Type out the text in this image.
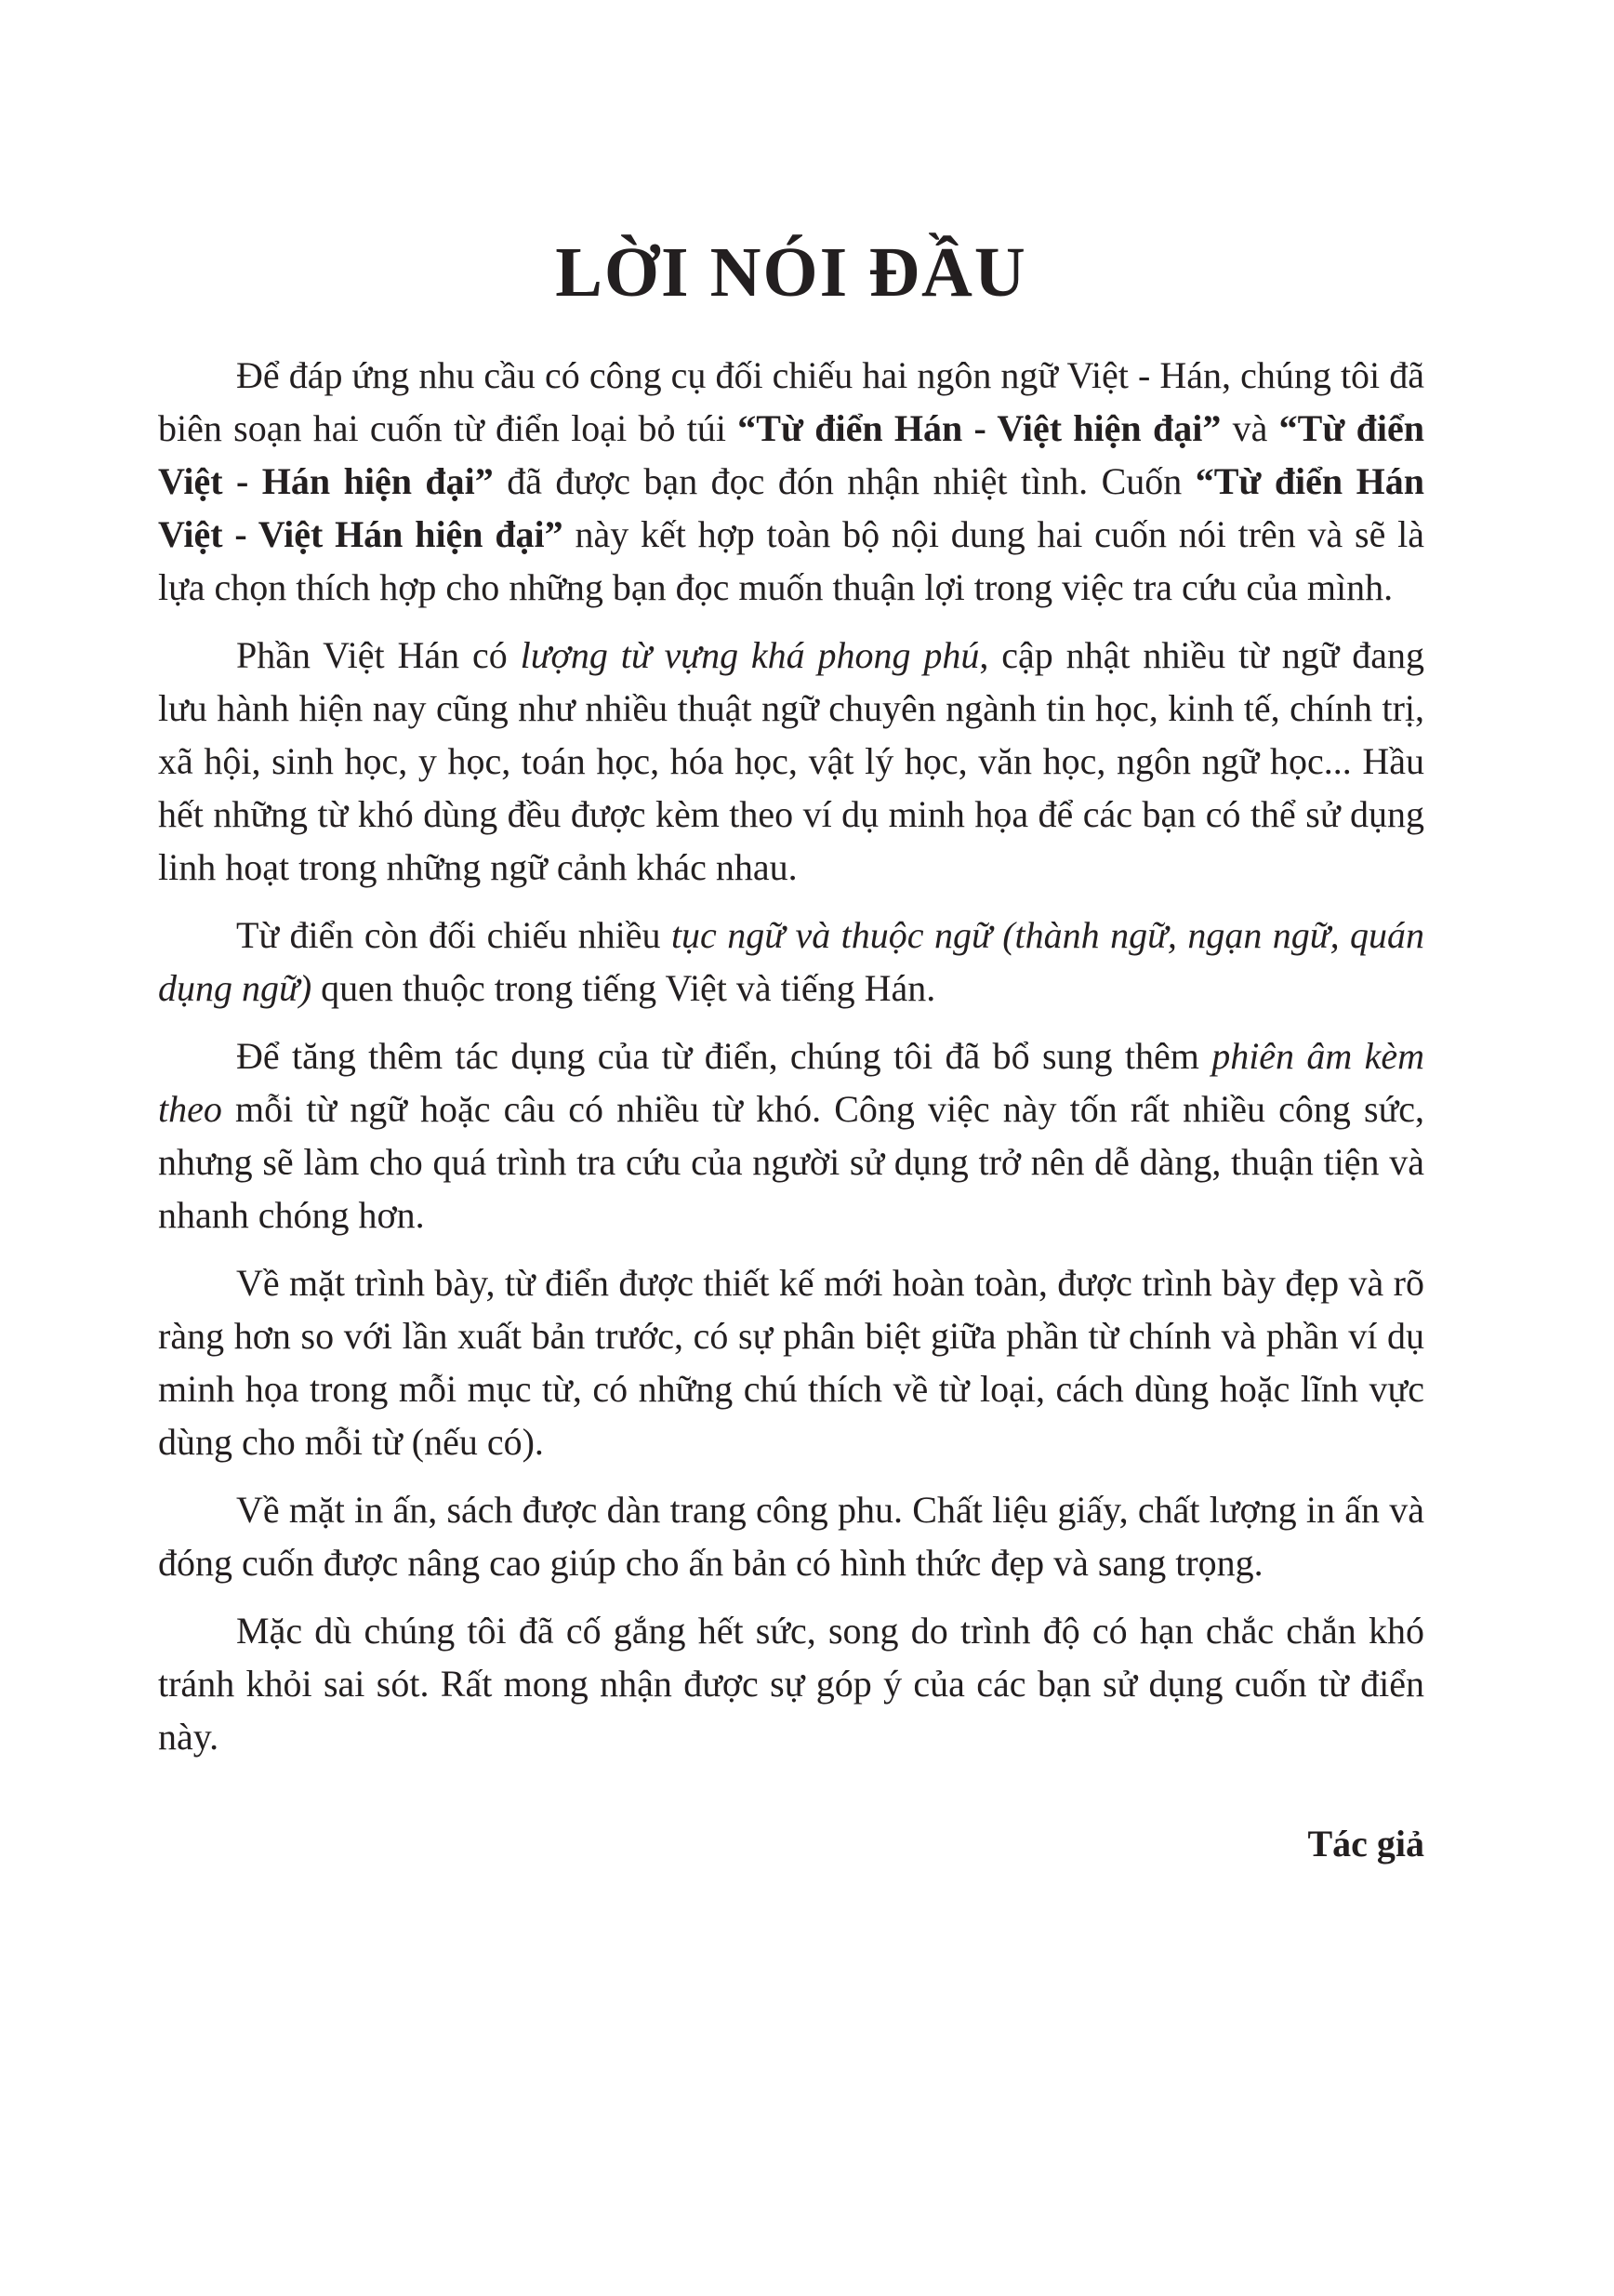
LỜI NÓI ĐẦU

Để đáp ứng nhu cầu có công cụ đối chiếu hai ngôn ngữ Việt - Hán, chúng tôi đã biên soạn hai cuốn từ điển loại bỏ túi “Từ điển Hán - Việt hiện đại” và “Từ điển Việt - Hán hiện đại” đã được bạn đọc đón nhận nhiệt tình. Cuốn “Từ điển Hán Việt - Việt Hán hiện đại” này kết hợp toàn bộ nội dung hai cuốn nói trên và sẽ là lựa chọn thích hợp cho những bạn đọc muốn thuận lợi trong việc tra cứu của mình.

Phần Việt Hán có lượng từ vựng khá phong phú, cập nhật nhiều từ ngữ đang lưu hành hiện nay cũng như nhiều thuật ngữ chuyên ngành tin học, kinh tế, chính trị, xã hội, sinh học, y học, toán học, hóa học, vật lý học, văn học, ngôn ngữ học... Hầu hết những từ khó dùng đều được kèm theo ví dụ minh họa để các bạn có thể sử dụng linh hoạt trong những ngữ cảnh khác nhau.

Từ điển còn đối chiếu nhiều tục ngữ và thuộc ngữ (thành ngữ, ngạn ngữ, quán dụng ngữ) quen thuộc trong tiếng Việt và tiếng Hán.

Để tăng thêm tác dụng của từ điển, chúng tôi đã bổ sung thêm phiên âm kèm theo mỗi từ ngữ hoặc câu có nhiều từ khó. Công việc này tốn rất nhiều công sức, nhưng sẽ làm cho quá trình tra cứu của người sử dụng trở nên dễ dàng, thuận tiện và nhanh chóng hơn.

Về mặt trình bày, từ điển được thiết kế mới hoàn toàn, được trình bày đẹp và rõ ràng hơn so với lần xuất bản trước, có sự phân biệt giữa phần từ chính và phần ví dụ minh họa trong mỗi mục từ, có những chú thích về từ loại, cách dùng hoặc lĩnh vực dùng cho mỗi từ (nếu có).

Về mặt in ấn, sách được dàn trang công phu. Chất liệu giấy, chất lượng in ấn và đóng cuốn được nâng cao giúp cho ấn bản có hình thức đẹp và sang trọng.

Mặc dù chúng tôi đã cố gắng hết sức, song do trình độ có hạn chắc chắn khó tránh khỏi sai sót. Rất mong nhận được sự góp ý của các bạn sử dụng cuốn từ điển này.

Tác giả
